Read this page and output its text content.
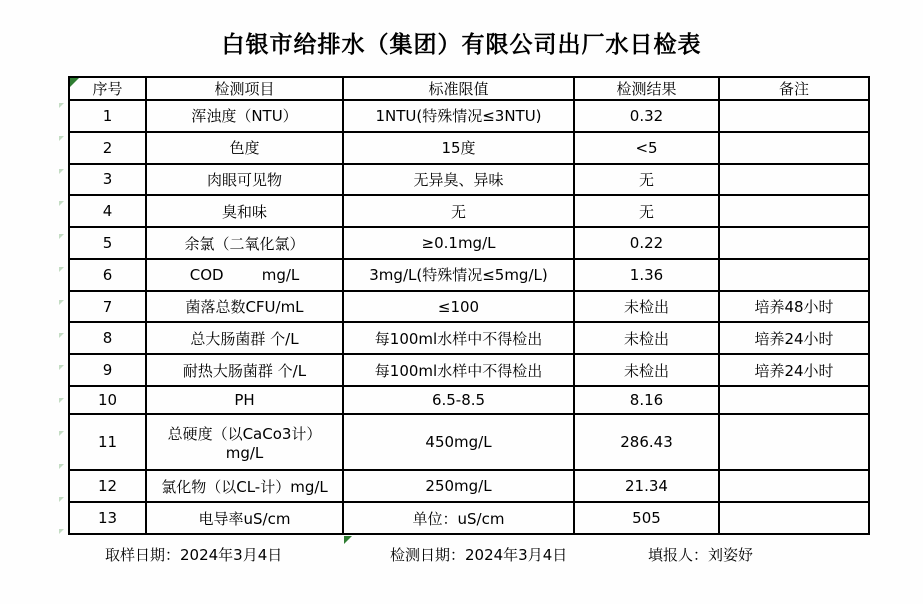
白银市给排水（集团）有限公司出厂水日检表
序号	检测项目	标准限值	检测结果	备注
1	浑浊度（NTU）	1NTU(特殊情况≤3NTU)	0.32	
2	色度	15度	<5	
3	肉眼可见物	无异臭、异味	无	
4	臭和味	无	无	
5	余氯（二氧化氯）	≥0.1mg/L	0.22	
6	COD        mg/L	3mg/L(特殊情况≤5mg/L)	1.36	
7	菌落总数CFU/mL	≤100	未检出	培养48小时
8	总大肠菌群 个/L	每100ml水样中不得检出	未检出	培养24小时
9	耐热大肠菌群 个/L	每100ml水样中不得检出	未检出	培养24小时
10	PH	6.5-8.5	8.16	
11	总硬度（以CaCo3计）mg/L	450mg/L	286.43	
12	氯化物（以CL-计）mg/L	250mg/L	21.34	
13	电导率uS/cm	单位：uS/cm	505	
取样日期：2024年3月4日	检测日期：2024年3月4日	填报人：刘姿妤
